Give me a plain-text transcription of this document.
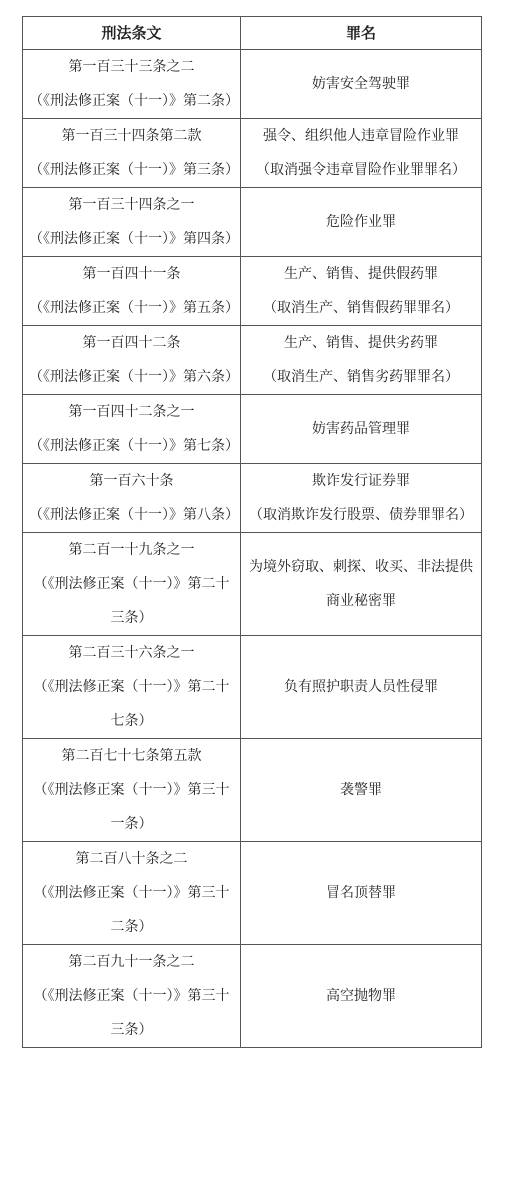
刑法条文	罪名

第一百三十三条之二
（《刑法修正案（十一）》第二条）	妨害安全驾驶罪

第一百三十四条第二款
（《刑法修正案（十一）》第三条）	强令、组织他人违章冒险作业罪
（取消强令违章冒险作业罪罪名）

第一百三十四条之一
（《刑法修正案（十一）》第四条）	危险作业罪

第一百四十一条
（《刑法修正案（十一）》第五条）	生产、销售、提供假药罪
（取消生产、销售假药罪罪名）

第一百四十二条
（《刑法修正案（十一）》第六条）	生产、销售、提供劣药罪
（取消生产、销售劣药罪罪名）

第一百四十二条之一
（《刑法修正案（十一）》第七条）	妨害药品管理罪

第一百六十条
（《刑法修正案（十一）》第八条）	欺诈发行证券罪
（取消欺诈发行股票、债券罪罪名）

第二百一十九条之一
（《刑法修正案（十一）》第二十三条）	为境外窃取、刺探、收买、非法提供
商业秘密罪

第二百三十六条之一
（《刑法修正案（十一）》第二十七条）	负有照护职责人员性侵罪

第二百七十七条第五款
（《刑法修正案（十一）》第三十一条）	袭警罪

第二百八十条之二
（《刑法修正案（十一）》第三十二条）	冒名顶替罪

第二百九十一条之二
（《刑法修正案（十一）》第三十三条）	高空抛物罪
